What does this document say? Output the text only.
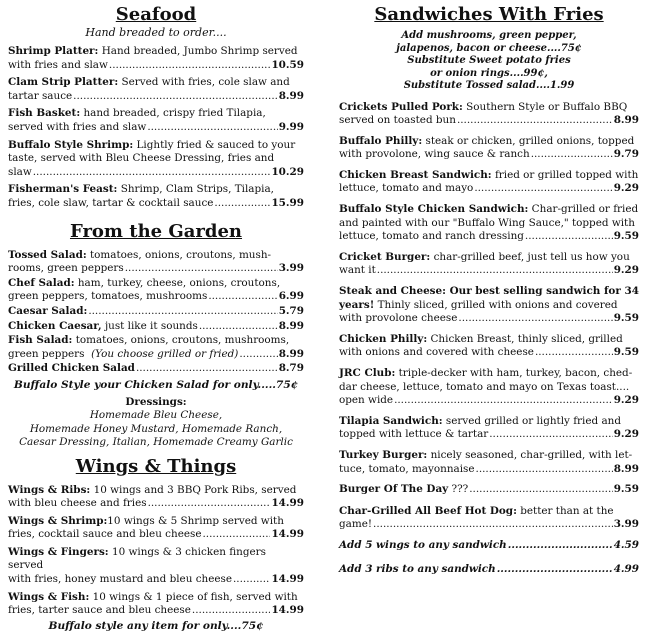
Seafood
Hand breaded to order....
Shrimp Platter: Hand breaded, Jumbo Shrimp served
with fries and slaw .....	10.59
Clam Strip Platter: Served with fries, cole slaw and
tartar sauce .....	8.99
Fish Basket: hand breaded, crispy fried Tilapia,
served with fries and slaw .....	9.99
Buffalo Style Shrimp: Lightly fried & sauced to your taste, served with Bleu Cheese Dressing, fries and
slaw .....	10.29
Fisherman's Feast: Shrimp, Clam Strips, Tilapia,
fries, cole slaw, tartar & cocktail sauce .....	15.99
From the Garden
Tossed Salad: tomatoes, onions, croutons, mush-
rooms, green peppers .....	3.99
Chef Salad: ham, turkey, cheese, onions, croutons,
green peppers, tomatoes, mushrooms .....	6.99
Caesar Salad: .....	5.79
Chicken Caesar, just like it sounds .....	8.99
Fish Salad: tomatoes, onions, croutons, mushrooms,
green peppers (You choose grilled or fried) .....	8.99
Grilled Chicken Salad .....	8.79
Buffalo Style your Chicken Salad for only.....75¢
Dressings:
Homemade Bleu Cheese,
Homemade Honey Mustard, Homemade Ranch,
Caesar Dressing, Italian, Homemade Creamy Garlic
Wings & Things
Wings & Ribs: 10 wings and 3 BBQ Pork Ribs, served
with bleu cheese and fries .....	14.99
Wings & Shrimp:10 wings & 5 Shrimp served with
fries, cocktail sauce and bleu cheese .....	14.99
Wings & Fingers: 10 wings & 3 chicken fingers served
with fries, honey mustard and bleu cheese .....	14.99
Wings & Fish: 10 wings & 1 piece of fish, served with
fries, tarter sauce and bleu cheese .....	14.99
Buffalo style any item for only....75¢
Sandwiches With Fries
Add mushrooms, green pepper,
jalapenos, bacon or cheese....75¢
Substitute Sweet potato fries
or onion rings....99¢,
Substitute Tossed salad....1.99
Crickets Pulled Pork: Southern Style or Buffalo BBQ
served on toasted bun .....	8.99
Buffalo Philly: steak or chicken, grilled onions, topped
with provolone, wing sauce & ranch .....	9.79
Chicken Breast Sandwich: fried or grilled topped with
lettuce, tomato and mayo .....	9.29
Buffalo Style Chicken Sandwich: Char-grilled or fried and painted with our "Buffalo Wing Sauce," topped with
lettuce, tomato and ranch dressing .....	9.59
Cricket Burger: char-grilled beef, just tell us how you
want it .....	9.29
Steak and Cheese: Our best selling sandwich for 34 years! Thinly sliced, grilled with onions and covered
with provolone cheese .....	9.59
Chicken Philly: Chicken Breast, thinly sliced, grilled
with onions and covered with cheese .....	9.59
JRC Club: triple-decker with ham, turkey, bacon, ched-dar cheese, lettuce, tomato and mayo on Texas toast....
open wide .....	9.29
Tilapia Sandwich: served grilled or lightly fried and
topped with lettuce & tartar .....	9.29
Turkey Burger: nicely seasoned, char-grilled, with let-
tuce, tomato, mayonnaise .....	8.99
Burger Of The Day ??? .....	9.59
Char-Grilled All Beef Hot Dog: better than at the
game! .....	3.99
Add 5 wings to any sandwich .....	4.59
Add 3 ribs to any sandwich .....	4.99
